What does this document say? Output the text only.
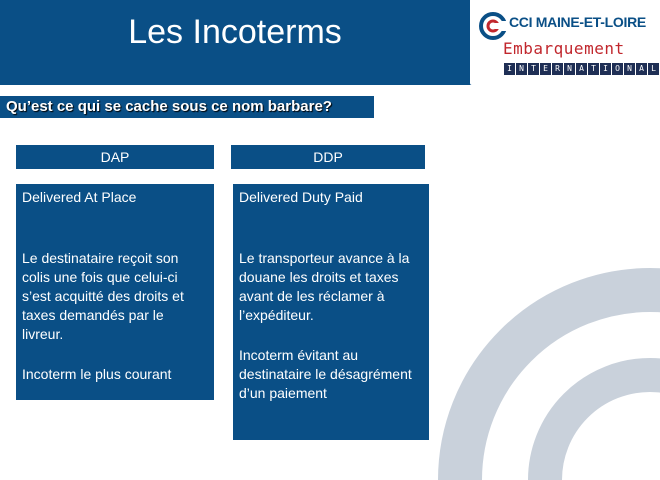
Les Incoterms	CCI MAINE-ET-LOIRE
Embarquement
I N T E R N A T I O N A L
Qu’est ce qui se cache sous ce nom barbare?
DAP	DDP

Delivered At Place

Le destinataire reçoit son colis une fois que celui-ci s’est acquitté des droits et taxes demandés par le livreur.

Incoterm le plus courant

Delivered Duty Paid

Le transporteur avance à la douane les droits et taxes avant de les réclamer à l’expéditeur.

Incoterm évitant au destinataire le désagrément d’un paiement
